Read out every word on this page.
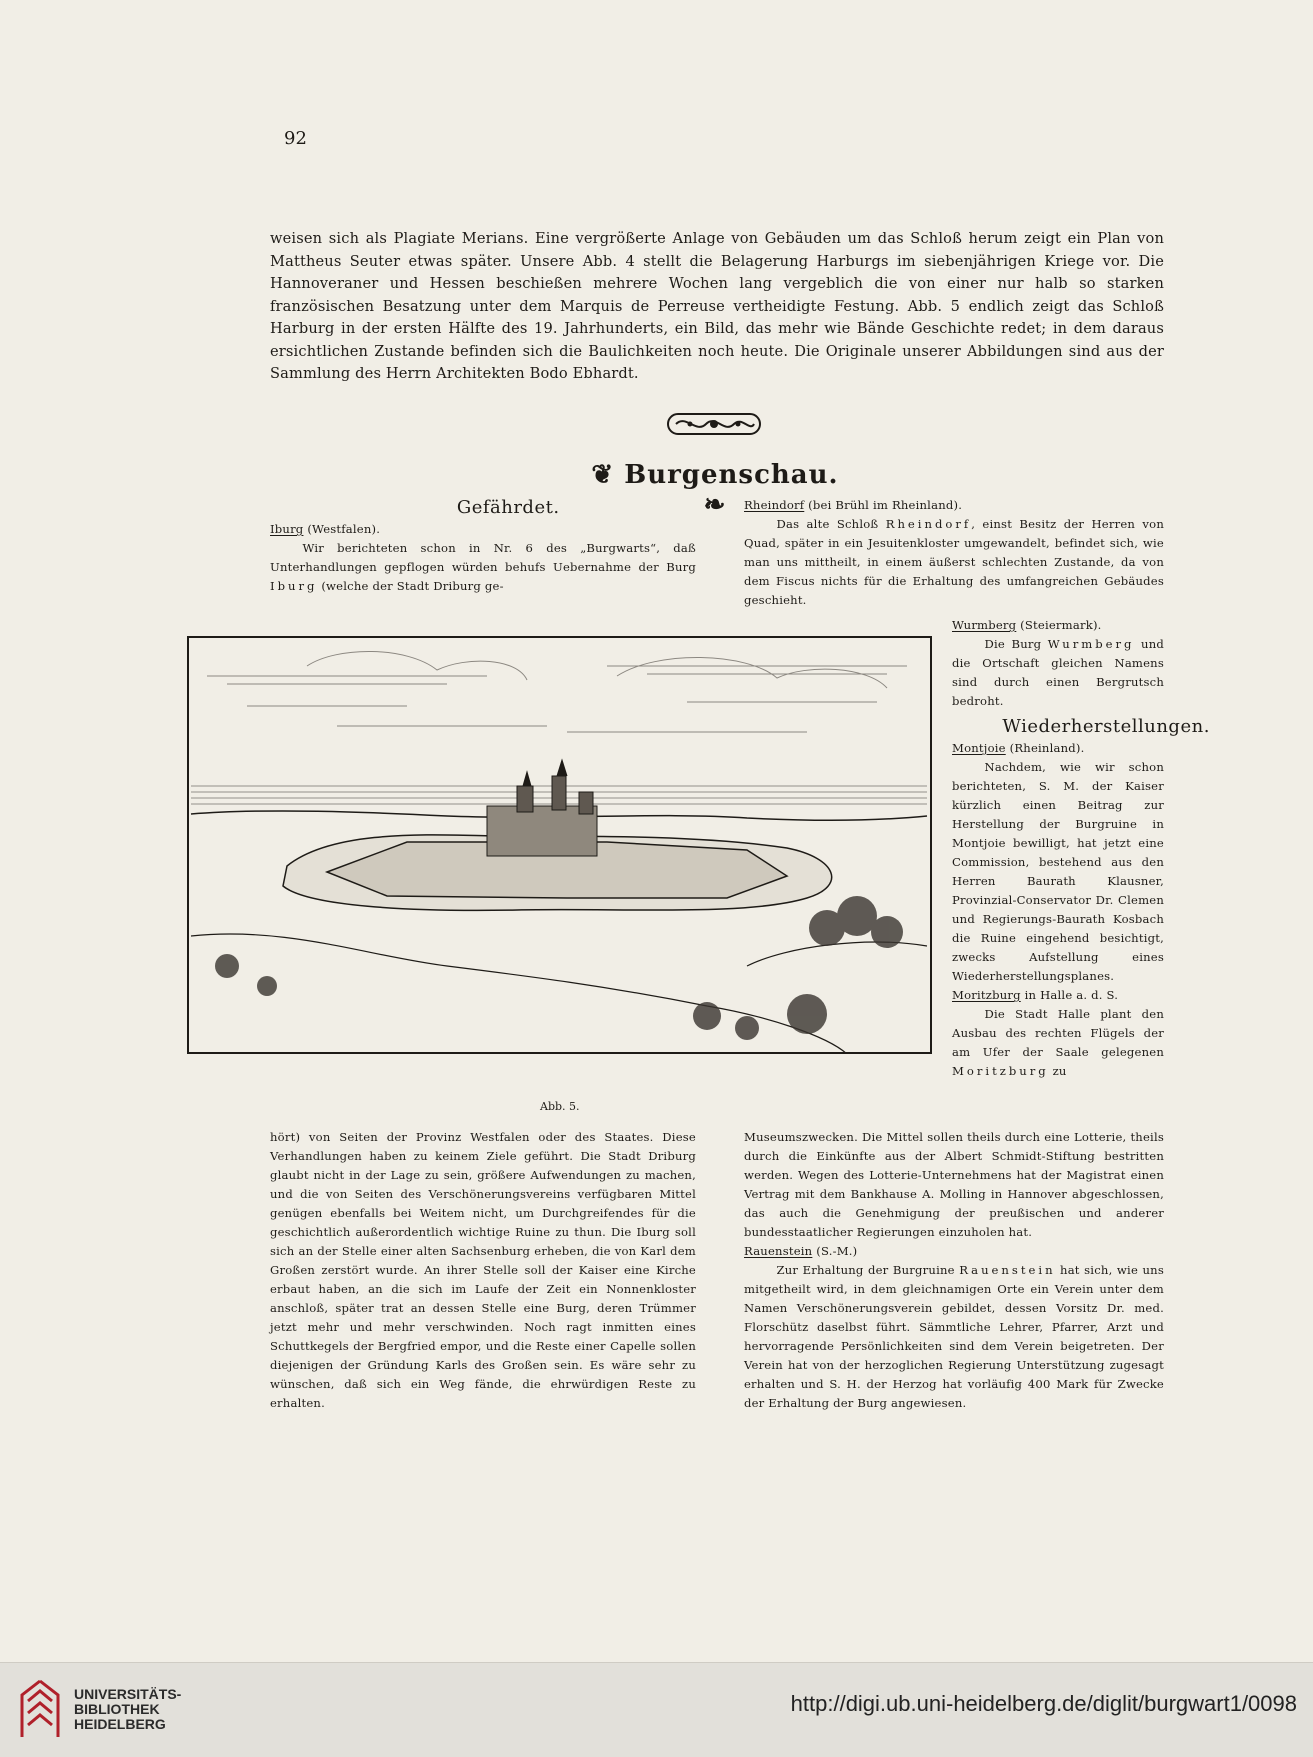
92

weisen sich als Plagiate Merians. Eine vergrößerte Anlage von Gebäuden um das Schloß herum zeigt ein Plan von Mattheus Seuter etwas später. Unsere Abb. 4 stellt die Belagerung Harburgs im siebenjährigen Kriege vor. Die Hannoveraner und Hessen beschießen mehrere Wochen lang vergeblich die von einer nur halb so starken französischen Besatzung unter dem Marquis de Perreuse vertheidigte Festung. Abb. 5 endlich zeigt das Schloß Harburg in der ersten Hälfte des 19. Jahrhunderts, ein Bild, das mehr wie Bände Geschichte redet; in dem daraus ersichtlichen Zustande befinden sich die Baulichkeiten noch heute. Die Originale unserer Abbildungen sind aus der Sammlung des Herrn Architekten Bodo Ebhardt.

❦ Burgenschau. ❧

Gefährdet.

Iburg (Westfalen).

Wir berichteten schon in Nr. 6 des „Burgwarts“, daß Unterhandlungen gepflogen würden behufs Uebernahme der Burg Iburg (welche der Stadt Driburg ge-

Rheindorf (bei Brühl im Rheinland).

Das alte Schloß Rheindorf, einst Besitz der Herren von Quad, später in ein Jesuitenkloster umgewandelt, befindet sich, wie man uns mittheilt, in einem äußerst schlechten Zustande, da von dem Fiscus nichts für die Erhaltung des umfangreichen Gebäudes geschieht.

Abb. 5.

Wurmberg (Steiermark).

Die Burg Wurmberg und die Ortschaft gleichen Namens sind durch einen Bergrutsch bedroht.

Wiederherstellungen.

Montjoie (Rheinland).

Nachdem, wie wir schon berichteten, S. M. der Kaiser kürzlich einen Beitrag zur Herstellung der Burgruine in Montjoie bewilligt, hat jetzt eine Commission, bestehend aus den Herren Baurath Klausner, Provinzial-Conservator Dr. Clemen und Regierungs-Baurath Kosbach die Ruine eingehend besichtigt, zwecks Aufstellung eines Wiederherstellungsplanes.

Moritzburg in Halle a. d. S.

Die Stadt Halle plant den Ausbau des rechten Flügels der am Ufer der Saale gelegenen Moritzburg zu

hört) von Seiten der Provinz Westfalen oder des Staates. Diese Verhandlungen haben zu keinem Ziele geführt. Die Stadt Driburg glaubt nicht in der Lage zu sein, größere Aufwendungen zu machen, und die von Seiten des Verschönerungsvereins verfügbaren Mittel genügen ebenfalls bei Weitem nicht, um Durchgreifendes für die geschichtlich außerordentlich wichtige Ruine zu thun. Die Iburg soll sich an der Stelle einer alten Sachsenburg erheben, die von Karl dem Großen zerstört wurde. An ihrer Stelle soll der Kaiser eine Kirche erbaut haben, an die sich im Laufe der Zeit ein Nonnenkloster anschloß, später trat an dessen Stelle eine Burg, deren Trümmer jetzt mehr und mehr verschwinden. Noch ragt inmitten eines Schuttkegels der Bergfried empor, und die Reste einer Capelle sollen diejenigen der Gründung Karls des Großen sein. Es wäre sehr zu wünschen, daß sich ein Weg fände, die ehrwürdigen Reste zu erhalten.

Museumszwecken. Die Mittel sollen theils durch eine Lotterie, theils durch die Einkünfte aus der Albert Schmidt-Stiftung bestritten werden. Wegen des Lotterie-Unternehmens hat der Magistrat einen Vertrag mit dem Bankhause A. Molling in Hannover abgeschlossen, das auch die Genehmigung der preußischen und anderer bundesstaatlicher Regierungen einzuholen hat.

Rauenstein (S.-M.)

Zur Erhaltung der Burgruine Rauenstein hat sich, wie uns mitgetheilt wird, in dem gleichnamigen Orte ein Verein unter dem Namen Verschönerungsverein gebildet, dessen Vorsitz Dr. med. Florschütz daselbst führt. Sämmtliche Lehrer, Pfarrer, Arzt und hervorragende Persönlichkeiten sind dem Verein beigetreten. Der Verein hat von der herzoglichen Regierung Unterstützung zugesagt erhalten und S. H. der Herzog hat vorläufig 400 Mark für Zwecke der Erhaltung der Burg angewiesen.

UNIVERSITÄTS-
BIBLIOTHEK
HEIDELBERG
http://digi.ub.uni-heidelberg.de/diglit/burgwart1/0098
